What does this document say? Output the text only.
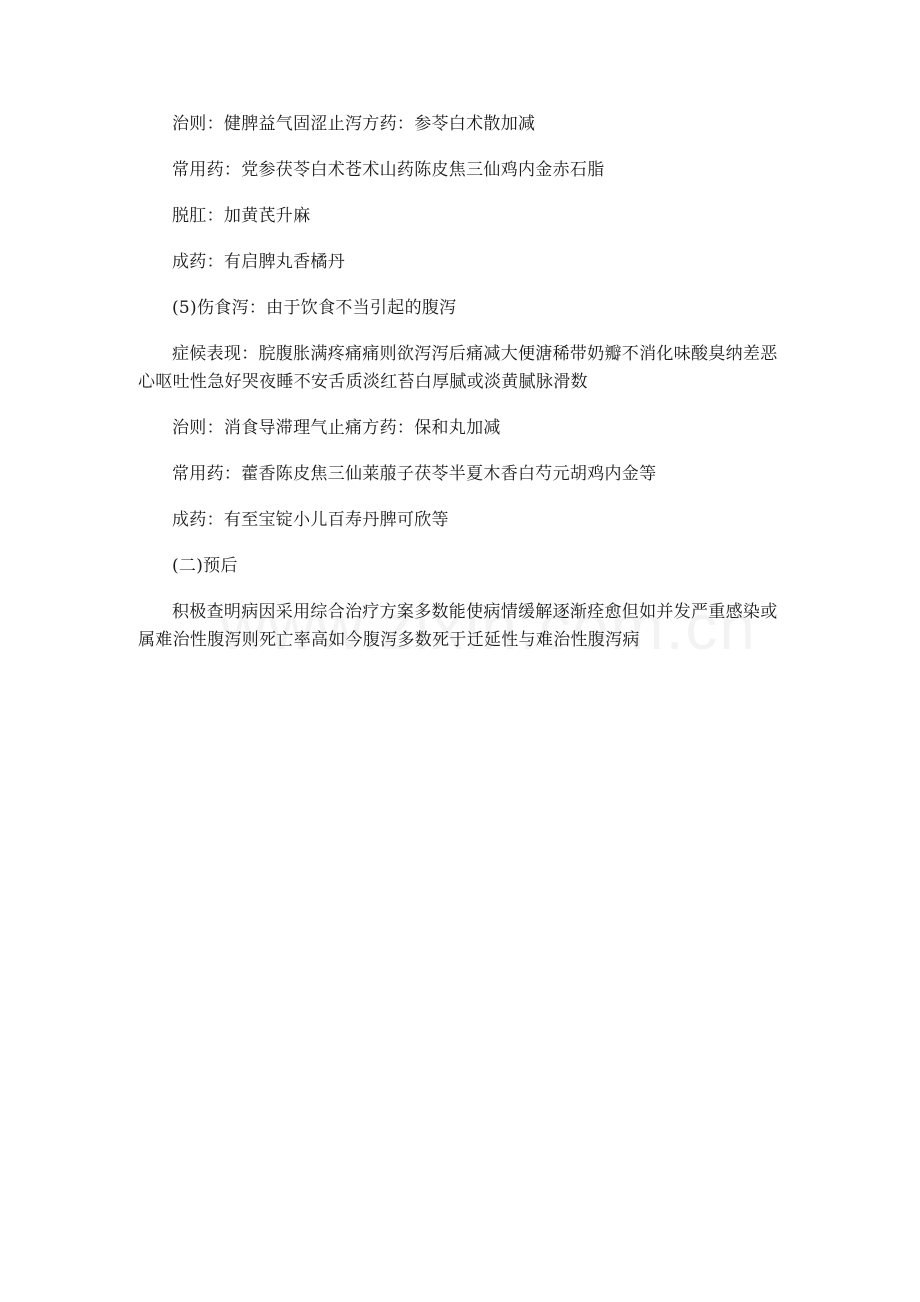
治则：健脾益气固涩止泻方药：参苓白术散加减

常用药：党参茯苓白术苍术山药陈皮焦三仙鸡内金赤石脂

脱肛：加黄芪升麻

成药：有启脾丸香橘丹

(5)伤食泻：由于饮食不当引起的腹泻

症候表现：脘腹胀满疼痛痛则欲泻泻后痛减大便溏稀带奶瓣不消化味酸臭纳差恶心呕吐性急好哭夜睡不安舌质淡红苔白厚腻或淡黄腻脉滑数

治则：消食导滞理气止痛方药：保和丸加减

常用药：藿香陈皮焦三仙莱菔子茯苓半夏木香白芍元胡鸡内金等

成药：有至宝锭小儿百寿丹脾可欣等

(二)预后

积极查明病因采用综合治疗方案多数能使病情缓解逐渐痊愈但如并发严重感染或属难治性腹泻则死亡率高如今腹泻多数死于迁延性与难治性腹泻病
